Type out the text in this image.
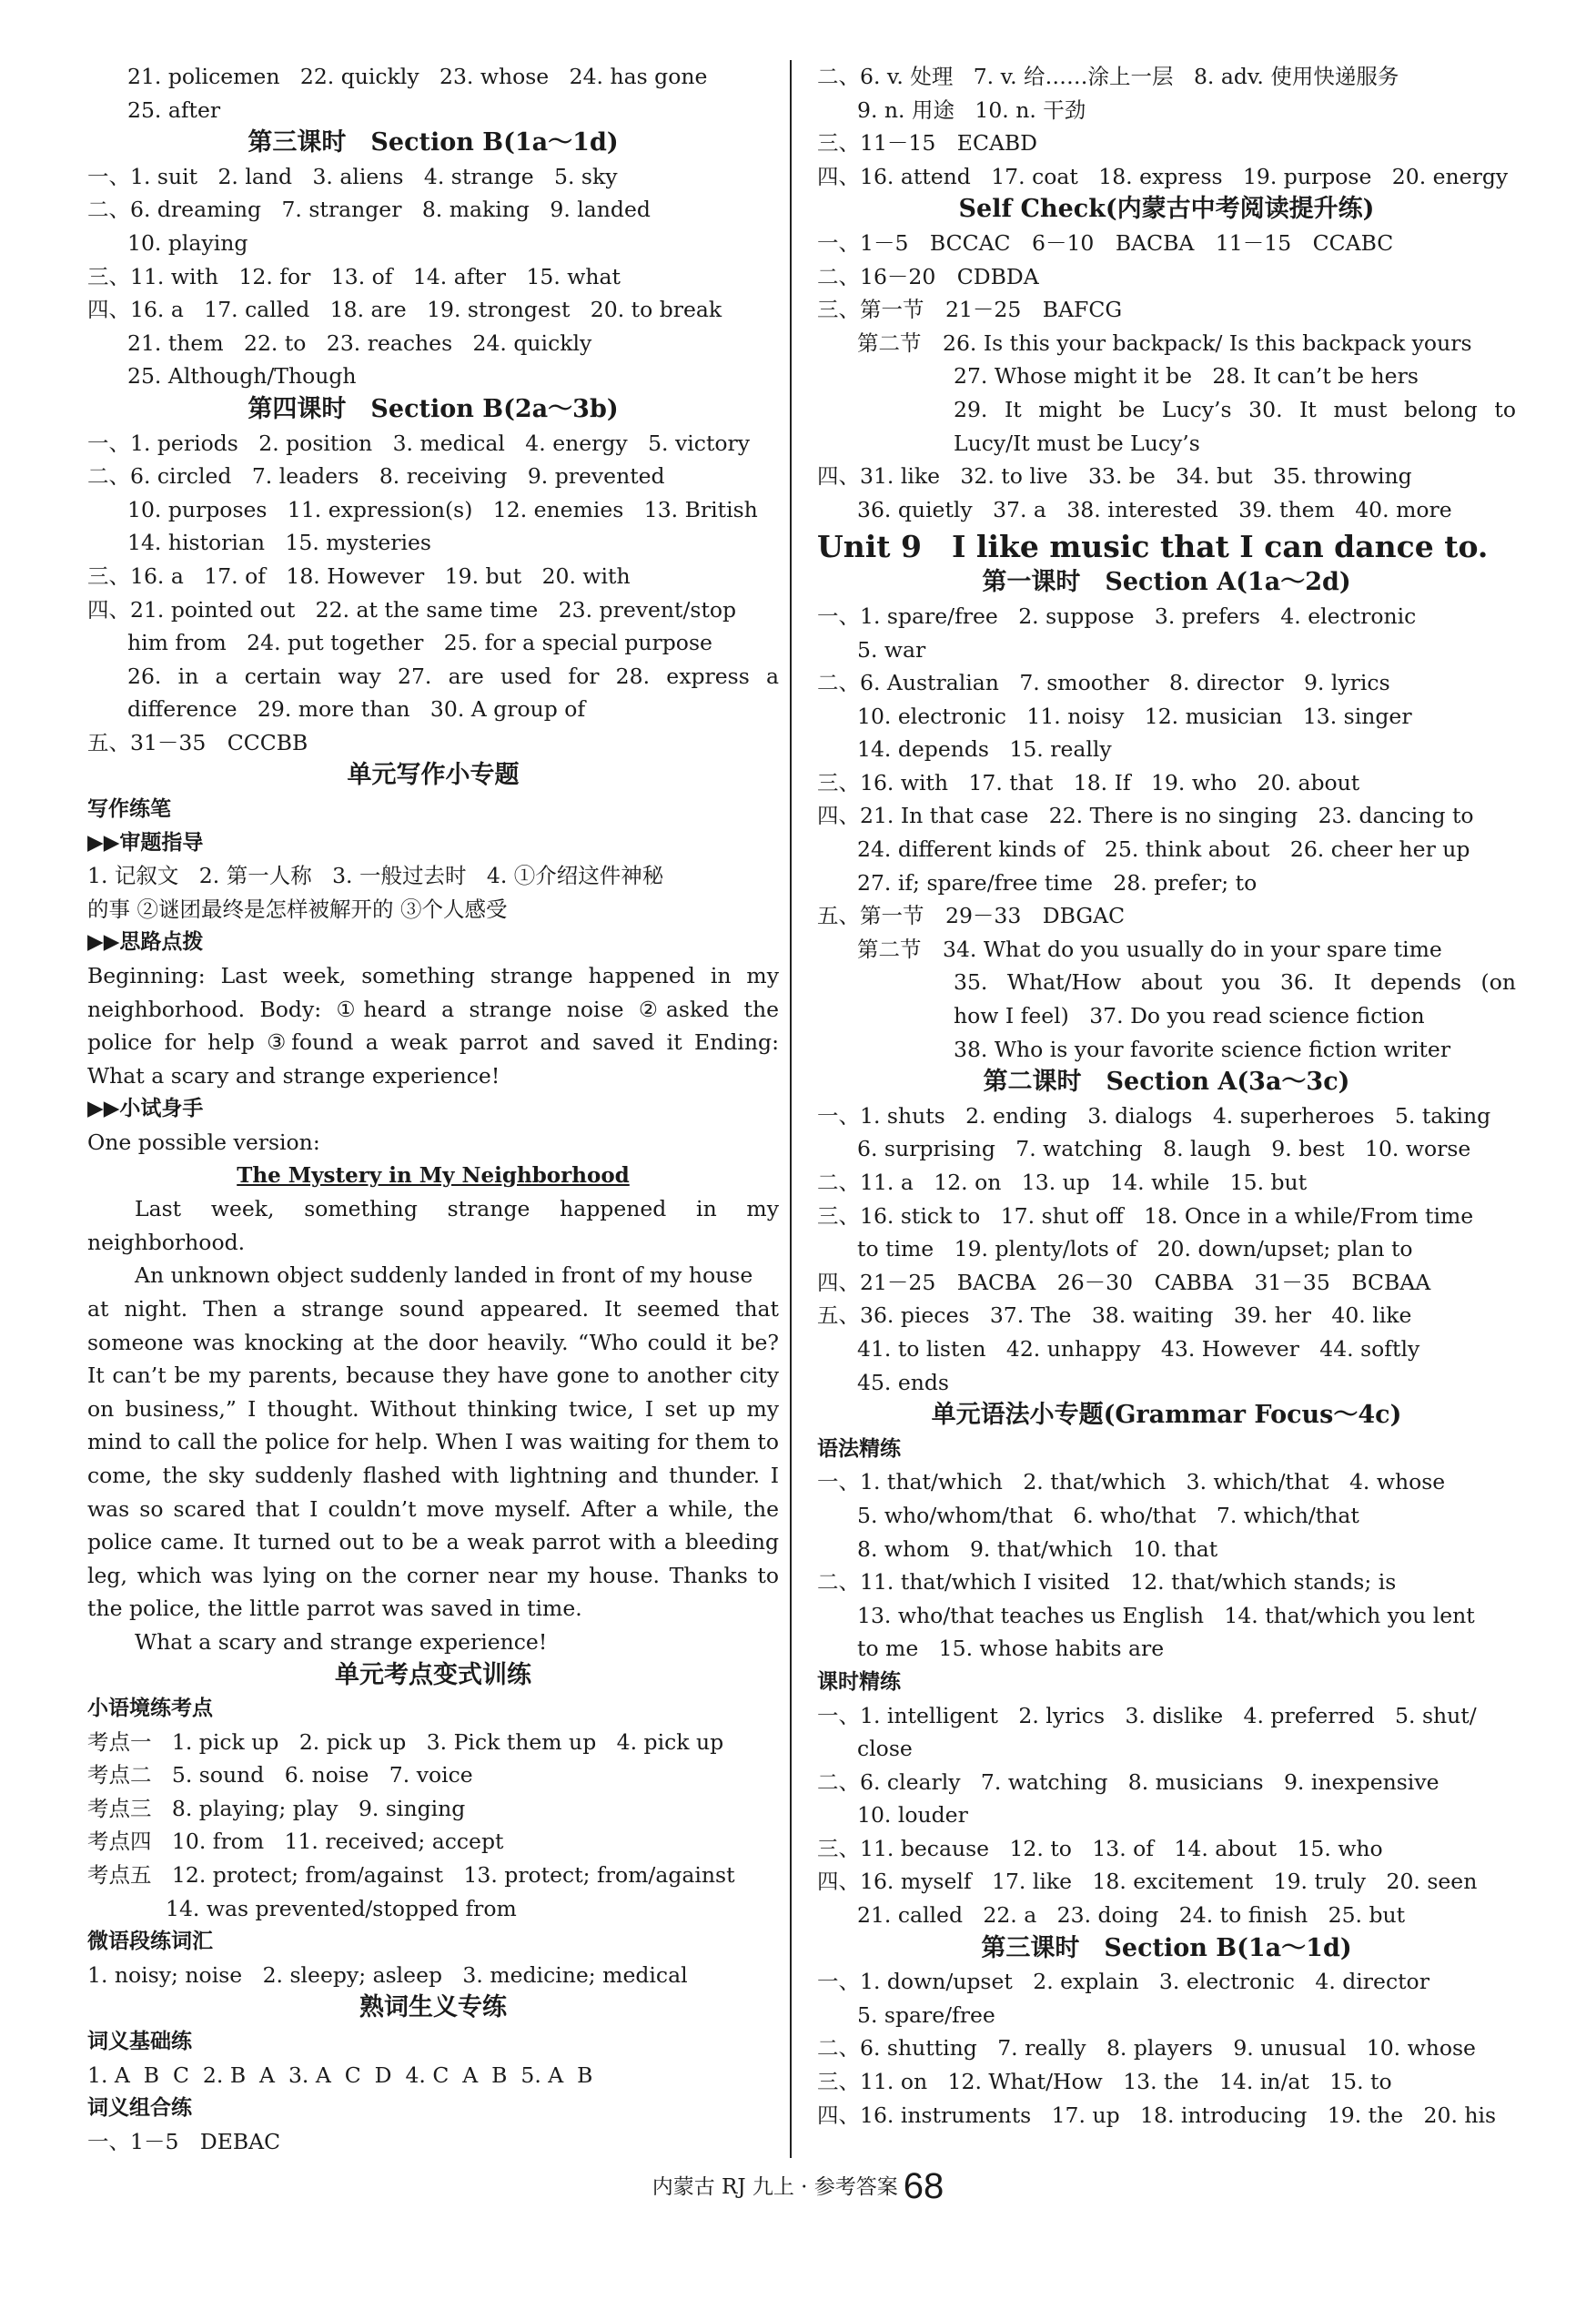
21. policemen   22. quickly   23. whose   24. has gone
25. after
第三课时　Section B(1a～1d)
一、1. suit   2. land   3. aliens   4. strange   5. sky
二、6. dreaming   7. stranger   8. making   9. landed
10. playing
三、11. with   12. for   13. of   14. after   15. what
四、16. a   17. called   18. are   19. strongest   20. to break
21. them   22. to   23. reaches   24. quickly
25. Although/Though
第四课时　Section B(2a～3b)
一、1. periods   2. position   3. medical   4. energy   5. victory
二、6. circled   7. leaders   8. receiving   9. prevented
10. purposes   11. expression(s)   12. enemies   13. British
14. historian   15. mysteries
三、16. a   17. of   18. However   19. but   20. with
四、21. pointed out   22. at the same time   23. prevent/stop
him from   24. put together   25. for a special purpose
26. in a certain way 27. are used for 28. express a
difference   29. more than   30. A group of
五、31－35　CCCBB
单元写作小专题
写作练笔
▶▶审题指导
1. 记叙文   2. 第一人称   3. 一般过去时   4. ①介绍这件神秘
的事 ②谜团最终是怎样被解开的 ③个人感受
▶▶思路点拨
Beginning: Last week, something strange happened in my
neighborhood. Body: ①heard a strange noise ②asked the
police for help ③found a weak parrot and saved it Ending:
What a scary and strange experience!
▶▶小试身手
One possible version:
The Mystery in My Neighborhood
Last week, something strange happened in my
neighborhood.
An unknown object suddenly landed in front of my house
at night. Then a strange sound appeared. It seemed that
someone was knocking at the door heavily. “Who could it be?
It can’t be my parents, because they have gone to another city
on business,” I thought. Without thinking twice, I set up my
mind to call the police for help. When I was waiting for them to
come, the sky suddenly flashed with lightning and thunder. I
was so scared that I couldn’t move myself. After a while, the
police came. It turned out to be a weak parrot with a bleeding
leg, which was lying on the corner near my house. Thanks to
the police, the little parrot was saved in time.
What a scary and strange experience!
单元考点变式训练
小语境练考点
考点一   1. pick up   2. pick up   3. Pick them up   4. pick up
考点二   5. sound   6. noise   7. voice
考点三   8. playing; play   9. singing
考点四   10. from   11. received; accept
考点五   12. protect; from/against   13. protect; from/against
14. was prevented/stopped from
微语段练词汇
1. noisy; noise   2. sleepy; asleep   3. medicine; medical
熟词生义专练
词义基础练
1. A  B  C  2. B  A  3. A  C  D  4. C  A  B  5. A  B
词义组合练
一、1－5　DEBAC
二、6. v. 处理   7. v. 给……涂上一层   8. adv. 使用快递服务
9. n. 用途   10. n. 干劲
三、11－15　ECABD
四、16. attend   17. coat   18. express   19. purpose   20. energy
Self Check(内蒙古中考阅读提升练)
一、1－5　BCCAC　6－10　BACBA　11－15　CCABC
二、16－20　CDBDA
三、第一节　21－25　BAFCG
第二节　26. Is this your backpack/ Is this backpack yours
27. Whose might it be   28. It can’t be hers
29. It might be Lucy’s 30. It must belong to
Lucy/It must be Lucy’s
四、31. like   32. to live   33. be   34. but   35. throwing
36. quietly   37. a   38. interested   39. them   40. more
Unit 9　I like music that I can dance to.
第一课时　Section A(1a～2d)
一、1. spare/free   2. suppose   3. prefers   4. electronic
5. war
二、6. Australian   7. smoother   8. director   9. lyrics
10. electronic   11. noisy   12. musician   13. singer
14. depends   15. really
三、16. with   17. that   18. If   19. who   20. about
四、21. In that case   22. There is no singing   23. dancing to
24. different kinds of   25. think about   26. cheer her up
27. if; spare/free time   28. prefer; to
五、第一节　29－33　DBGAC
第二节　34. What do you usually do in your spare time
35. What/How about you 36. It depends (on
how I feel)   37. Do you read science fiction
38. Who is your favorite science fiction writer
第二课时　Section A(3a～3c)
一、1. shuts   2. ending   3. dialogs   4. superheroes   5. taking
6. surprising   7. watching   8. laugh   9. best   10. worse
二、11. a   12. on   13. up   14. while   15. but
三、16. stick to   17. shut off   18. Once in a while/From time
to time   19. plenty/lots of   20. down/upset; plan to
四、21－25　BACBA　26－30　CABBA　31－35　BCBAA
五、36. pieces   37. The   38. waiting   39. her   40. like
41. to listen   42. unhappy   43. However   44. softly
45. ends
单元语法小专题(Grammar Focus～4c)
语法精练
一、1. that/which   2. that/which   3. which/that   4. whose
5. who/whom/that   6. who/that   7. which/that
8. whom   9. that/which   10. that
二、11. that/which I visited   12. that/which stands; is
13. who/that teaches us English   14. that/which you lent
to me   15. whose habits are
课时精练
一、1. intelligent   2. lyrics   3. dislike   4. preferred   5. shut/
close
二、6. clearly   7. watching   8. musicians   9. inexpensive
10. louder
三、11. because   12. to   13. of   14. about   15. who
四、16. myself   17. like   18. excitement   19. truly   20. seen
21. called   22. a   23. doing   24. to finish   25. but
第三课时　Section B(1a～1d)
一、1. down/upset   2. explain   3. electronic   4. director
5. spare/free
二、6. shutting   7. really   8. players   9. unusual   10. whose
三、11. on   12. What/How   13. the   14. in/at   15. to
四、16. instruments   17. up   18. introducing   19. the   20. his
内蒙古 RJ 九上 · 参考答案 68
